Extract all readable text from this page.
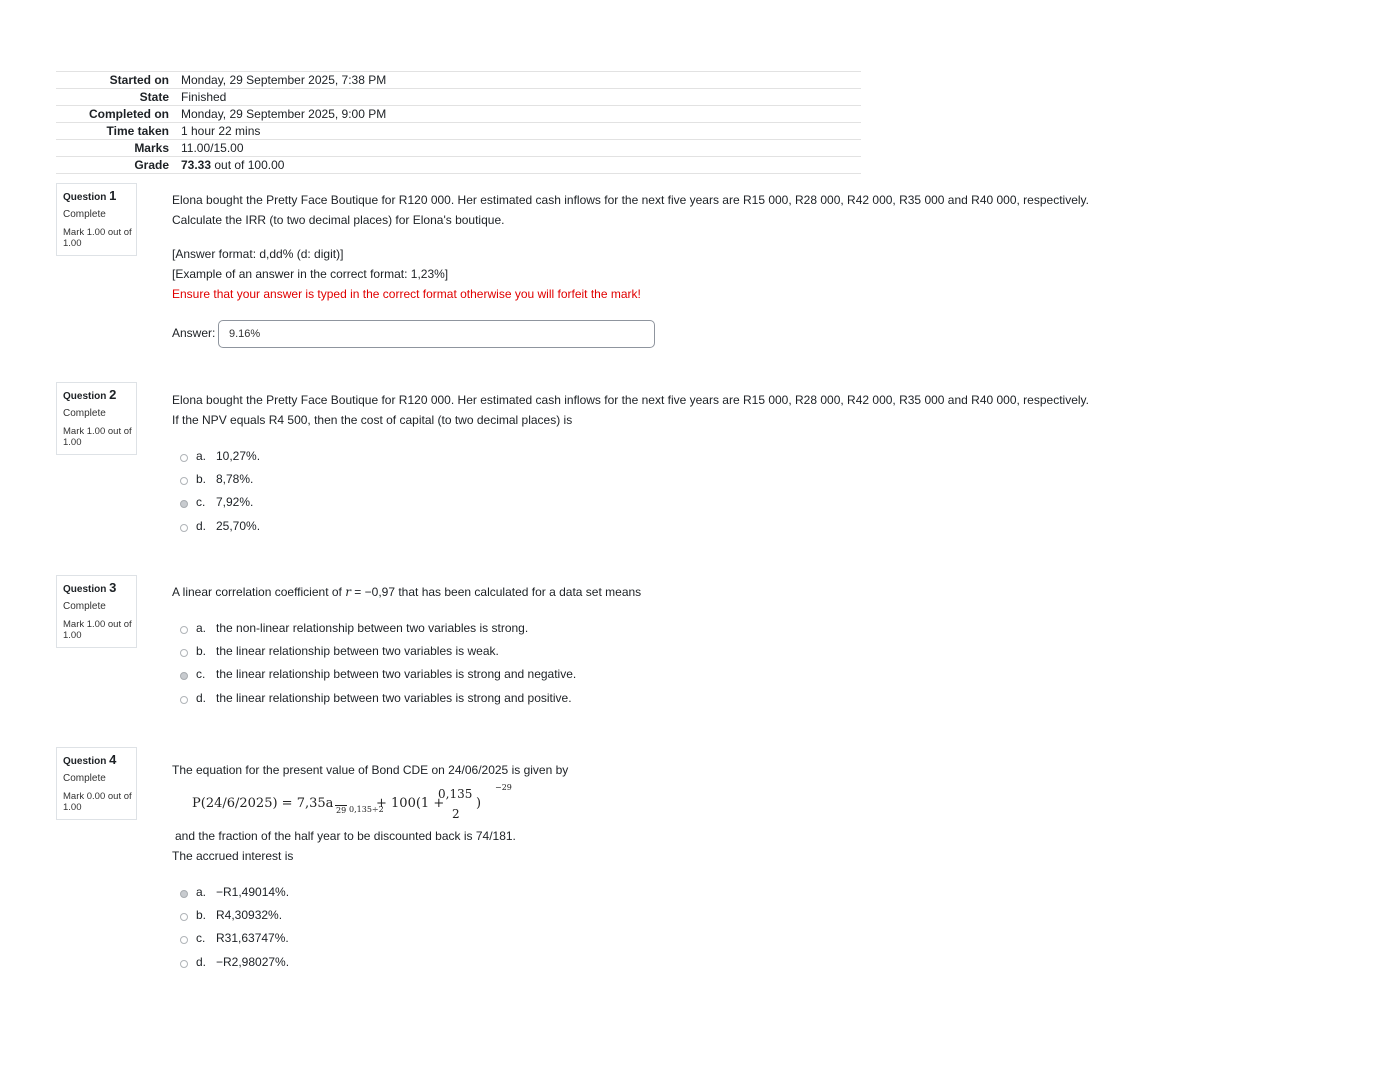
Started on	Monday, 29 September 2025, 7:38 PM
State	Finished
Completed on	Monday, 29 September 2025, 9:00 PM
Time taken	1 hour 22 mins
Marks	11.00/15.00
Grade	73.33 out of 100.00
Question 1
Complete
Mark 1.00 out of 1.00
Elona bought the Pretty Face Boutique for R120 000. Her estimated cash inflows for the next five years are R15 000, R28 000, R42 000, R35 000 and R40 000, respectively.
Calculate the IRR (to two decimal places) for Elona's boutique.
[Answer format: d,dd% (d: digit)]
[Example of an answer in the correct format: 1,23%]
Ensure that your answer is typed in the correct format otherwise you will forfeit the mark!
Answer:
9.16%
Question 2
Complete
Mark 1.00 out of 1.00
Elona bought the Pretty Face Boutique for R120 000. Her estimated cash inflows for the next five years are R15 000, R28 000, R42 000, R35 000 and R40 000, respectively.
If the NPV equals R4 500, then the cost of capital (to two decimal places) is
a. 10,27%.
b. 8,78%.
c. 7,92%.
d. 25,70%.
Question 3
Complete
Mark 1.00 out of 1.00
A linear correlation coefficient of r = −0,97 that has been calculated for a data set means
a. the non-linear relationship between two variables is strong.
b. the linear relationship between two variables is weak.
c. the linear relationship between two variables is strong and negative.
d. the linear relationship between two variables is strong and positive.
Question 4
Complete
Mark 0.00 out of 1.00
The equation for the present value of Bond CDE on 24/06/2025 is given by
P(24/6/2025) = 7,35a 29 0,135÷2
+ 100(1 +
0,135
2
)
−29
and the fraction of the half year to be discounted back is 74/181.
The accrued interest is
a. −R1,49014%.
b. R4,30932%.
c. R31,63747%.
d. −R2,98027%.
